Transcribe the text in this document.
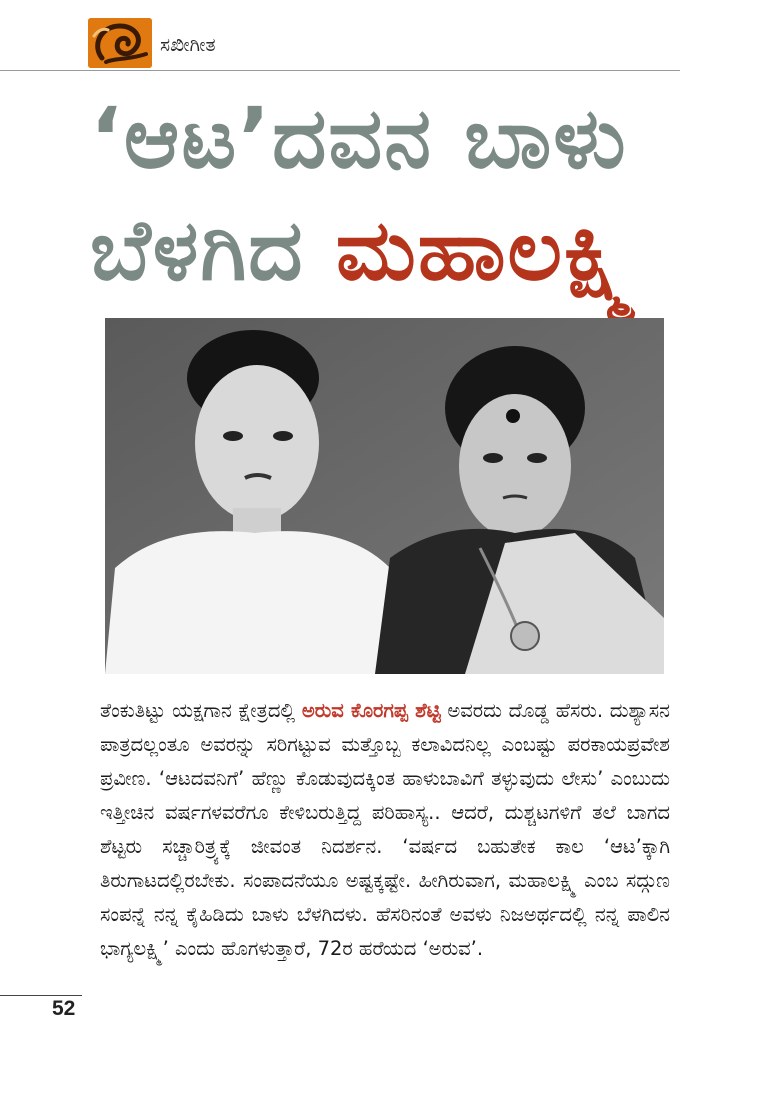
ಸಖೀಗೀತ
‘ಆಟ’ದವನ ಬಾಳು
ಬೆಳಗಿದ ಮಹಾಲಕ್ಷ್ಮಿ
ತೆಂಕುತಿಟ್ಟು ಯಕ್ಷಗಾನ ಕ್ಷೇತ್ರದಲ್ಲಿ ಅರುವ ಕೊರಗಪ್ಪ ಶೆಟ್ಟಿ ಅವರದು ದೊಡ್ಡ ಹೆಸರು. ದುಶ್ಯಾಸನ ಪಾತ್ರದಲ್ಲಂತೂ ಅವರನ್ನು ಸರಿಗಟ್ಟುವ ಮತ್ತೊಬ್ಬ ಕಲಾವಿದನಿಲ್ಲ ಎಂಬಷ್ಟು ಪರಕಾಯಪ್ರವೇಶ ಪ್ರವೀಣ. ‘ಆಟದವನಿಗೆ’ ಹೆಣ್ಣು ಕೊಡುವುದಕ್ಕಿಂತ ಹಾಳುಬಾವಿಗೆ ತಳ್ಳುವುದು ಲೇಸು’ ಎಂಬುದು ಇತ್ತೀಚಿನ ವರ್ಷಗಳವರೆಗೂ ಕೇಳಿಬರುತ್ತಿದ್ದ ಪರಿಹಾಸ್ಯ.. ಆದರೆ, ದುಶ್ಚಟಗಳಿಗೆ ತಲೆ ಬಾಗದ ಶೆಟ್ಟರು ಸಚ್ಚಾರಿತ್ರ್ಯಕ್ಕೆ ಜೀವಂತ ನಿದರ್ಶನ. ‘ವರ್ಷದ ಬಹುತೇಕ ಕಾಲ ‘ಆಟ’ಕ್ಕಾಗಿ ತಿರುಗಾಟದಲ್ಲಿರಬೇಕು. ಸಂಪಾದನೆಯೂ ಅಷ್ಟಕ್ಕಷ್ಟೇ. ಹೀಗಿರುವಾಗ, ಮಹಾಲಕ್ಷ್ಮಿ ಎಂಬ ಸದ್ಗುಣ ಸಂಪನ್ನೆ ನನ್ನ ಕೈಹಿಡಿದು ಬಾಳು ಬೆಳಗಿದಳು. ಹೆಸರಿನಂತೆ ಅವಳು ನಿಜಅರ್ಥದಲ್ಲಿ ನನ್ನ ಪಾಲಿನ ಭಾಗ್ಯಲಕ್ಷ್ಮಿ’ ಎಂದು ಹೊಗಳುತ್ತಾರೆ, 72ರ ಹರೆಯದ ‘ಅರುವ’.
52
